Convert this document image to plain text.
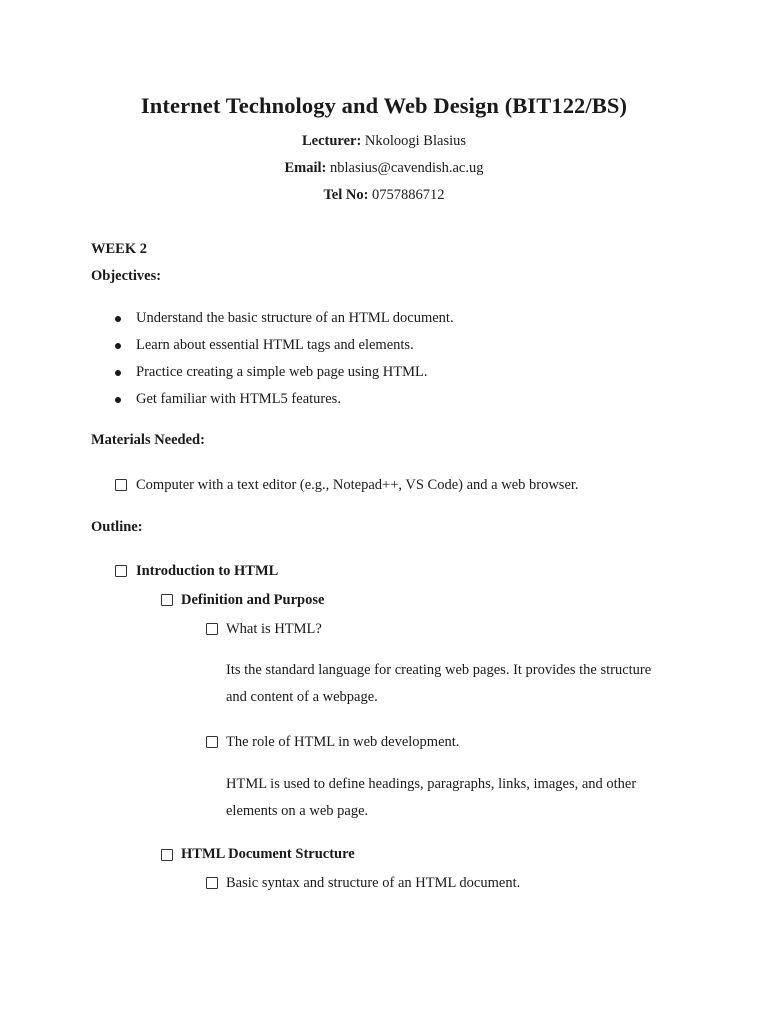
Internet Technology and Web Design (BIT122/BS)
Lecturer: Nkoloogi Blasius
Email: nblasius@cavendish.ac.ug
Tel No: 0757886712
WEEK 2
Objectives:
Understand the basic structure of an HTML document.
Learn about essential HTML tags and elements.
Practice creating a simple web page using HTML.
Get familiar with HTML5 features.
Materials Needed:
Computer with a text editor (e.g., Notepad++, VS Code) and a web browser.
Outline:
Introduction to HTML
Definition and Purpose
What is HTML?
Its the standard language for creating web pages. It provides the structure
and content of a webpage.
The role of HTML in web development.
HTML is used to define headings, paragraphs, links, images, and other
elements on a web page.
HTML Document Structure
Basic syntax and structure of an HTML document.
